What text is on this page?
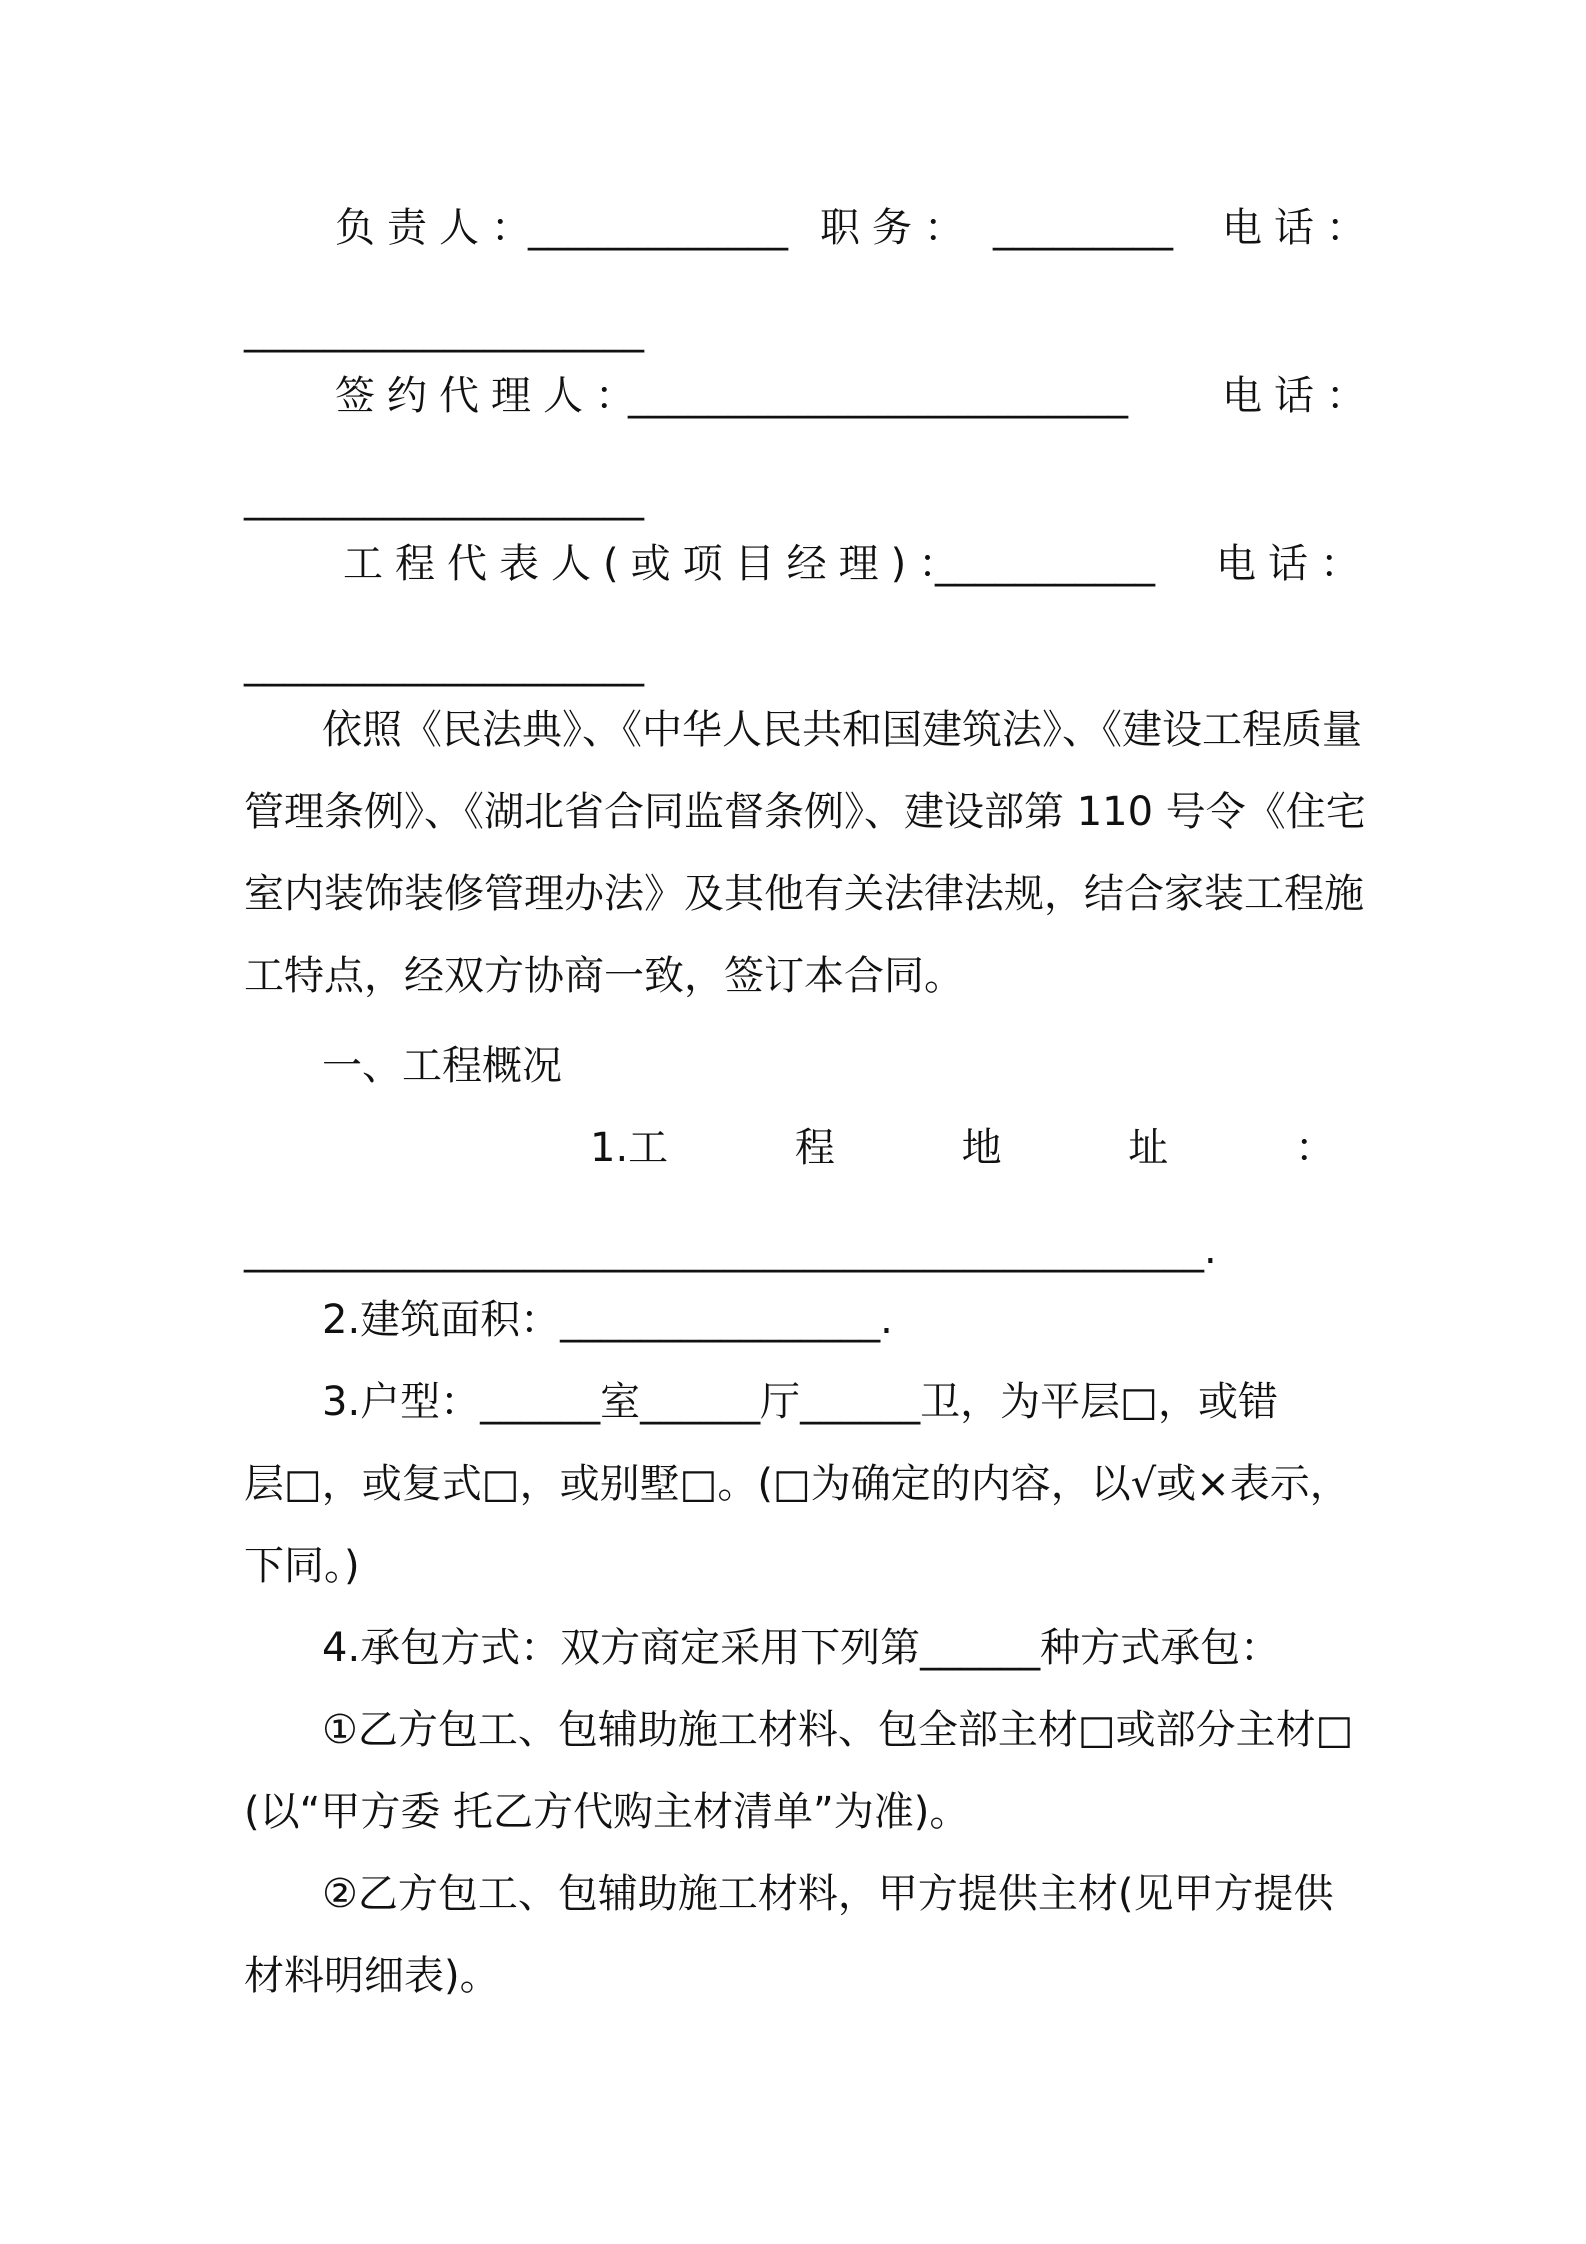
负责人：
_____________ 职务： _________ 电话：
____________________
签约代理人：
_________________________ 电话：
____________________
工程代表人(或项目经理)：
___________ 电话：
____________________
依照《民法典》、《中华人民共和国建筑法》、《建设工程质量
管理条例》、《湖北省合同监督条例》、建设部第 110 号令《住宅
室内装饰装修管理办法》及其他有关法律法规，结合家装工程施
工特点，经双方协商一致，签订本合同。
一、工程概况
1.工	程	地	址	：
________________________________________________.
2.建筑面积：________________.
3.户型：______室______厅______卫，为平层□，或错
层□，或复式□，或别墅□。(□为确定的内容，以√或×表示，
下同。)
4.承包方式：双方商定采用下列第______种方式承包：
①乙方包工、包辅助施工材料、包全部主材□或部分主材□
(以“甲方委 托乙方代购主材清单”为准)。
②乙方包工、包辅助施工材料，甲方提供主材(见甲方提供
材料明细表)。
